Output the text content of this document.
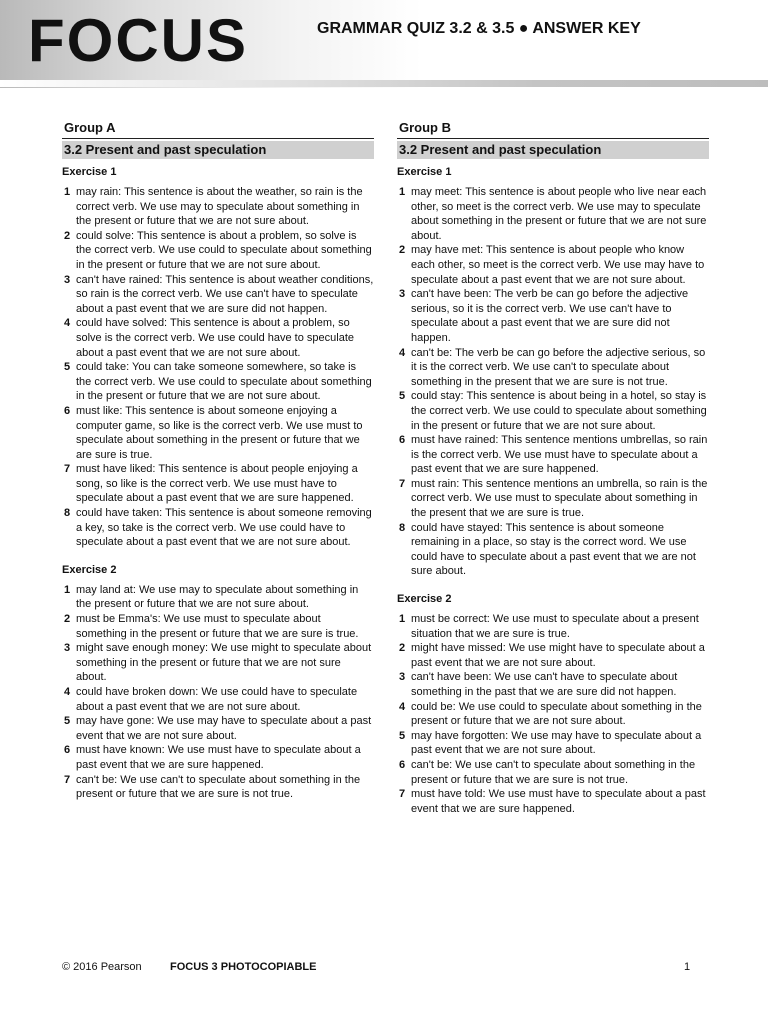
FOCUS	GRAMMAR QUIZ 3.2 & 3.5 ● ANSWER KEY
Group A
3.2 Present and past speculation
Exercise 1
1 may rain: This sentence is about the weather, so rain is the correct verb. We use may to speculate about something in the present or future that we are not sure about.
2 could solve: This sentence is about a problem, so solve is the correct verb. We use could to speculate about something in the present or future that we are not sure about.
3 can't have rained: This sentence is about weather conditions, so rain is the correct verb. We use can't have to speculate about a past event that we are sure did not happen.
4 could have solved: This sentence is about a problem, so solve is the correct verb. We use could have to speculate about a past event that we are not sure about.
5 could take: You can take someone somewhere, so take is the correct verb. We use could to speculate about something in the present or future that we are not sure about.
6 must like: This sentence is about someone enjoying a computer game, so like is the correct verb. We use must to speculate about something in the present or future that we are sure is true.
7 must have liked: This sentence is about people enjoying a song, so like is the correct verb. We use must have to speculate about a past event that we are sure happened.
8 could have taken: This sentence is about someone removing a key, so take is the correct verb. We use could have to speculate about a past event that we are not sure about.
Exercise 2
1 may land at: We use may to speculate about something in the present or future that we are not sure about.
2 must be Emma's: We use must to speculate about something in the present or future that we are sure is true.
3 might save enough money: We use might to speculate about something in the present or future that we are not sure about.
4 could have broken down: We use could have to speculate about a past event that we are not sure about.
5 may have gone: We use may have to speculate about a past event that we are not sure about.
6 must have known: We use must have to speculate about a past event that we are sure happened.
7 can't be: We use can't to speculate about something in the present or future that we are sure is not true.
Group B
3.2 Present and past speculation
Exercise 1
1 may meet: This sentence is about people who live near each other, so meet is the correct verb. We use may to speculate about something in the present or future that we are not sure about.
2 may have met: This sentence is about people who know each other, so meet is the correct verb. We use may have to speculate about a past event that we are not sure about.
3 can't have been: The verb be can go before the adjective serious, so it is the correct verb. We use can't have to speculate about a past event that we are sure did not happen.
4 can't be: The verb be can go before the adjective serious, so it is the correct verb. We use can't to speculate about something in the present that we are sure is not true.
5 could stay: This sentence is about being in a hotel, so stay is the correct verb. We use could to speculate about something in the present or future that we are not sure about.
6 must have rained: This sentence mentions umbrellas, so rain is the correct verb. We use must have to speculate about a past event that we are sure happened.
7 must rain: This sentence mentions an umbrella, so rain is the correct verb. We use must to speculate about something in the present that we are sure is true.
8 could have stayed: This sentence is about someone remaining in a place, so stay is the correct word. We use could have to speculate about a past event that we are not sure about.
Exercise 2
1 must be correct: We use must to speculate about a present situation that we are sure is true.
2 might have missed: We use might have to speculate about a past event that we are not sure about.
3 can't have been: We use can't have to speculate about something in the past that we are sure did not happen.
4 could be: We use could to speculate about something in the present or future that we are not sure about.
5 may have forgotten: We use may have to speculate about a past event that we are not sure about.
6 can't be: We use can't to speculate about something in the present or future that we are sure is not true.
7 must have told: We use must have to speculate about a past event that we are sure happened.
© 2016 Pearson	FOCUS 3 PHOTOCOPIABLE	1
